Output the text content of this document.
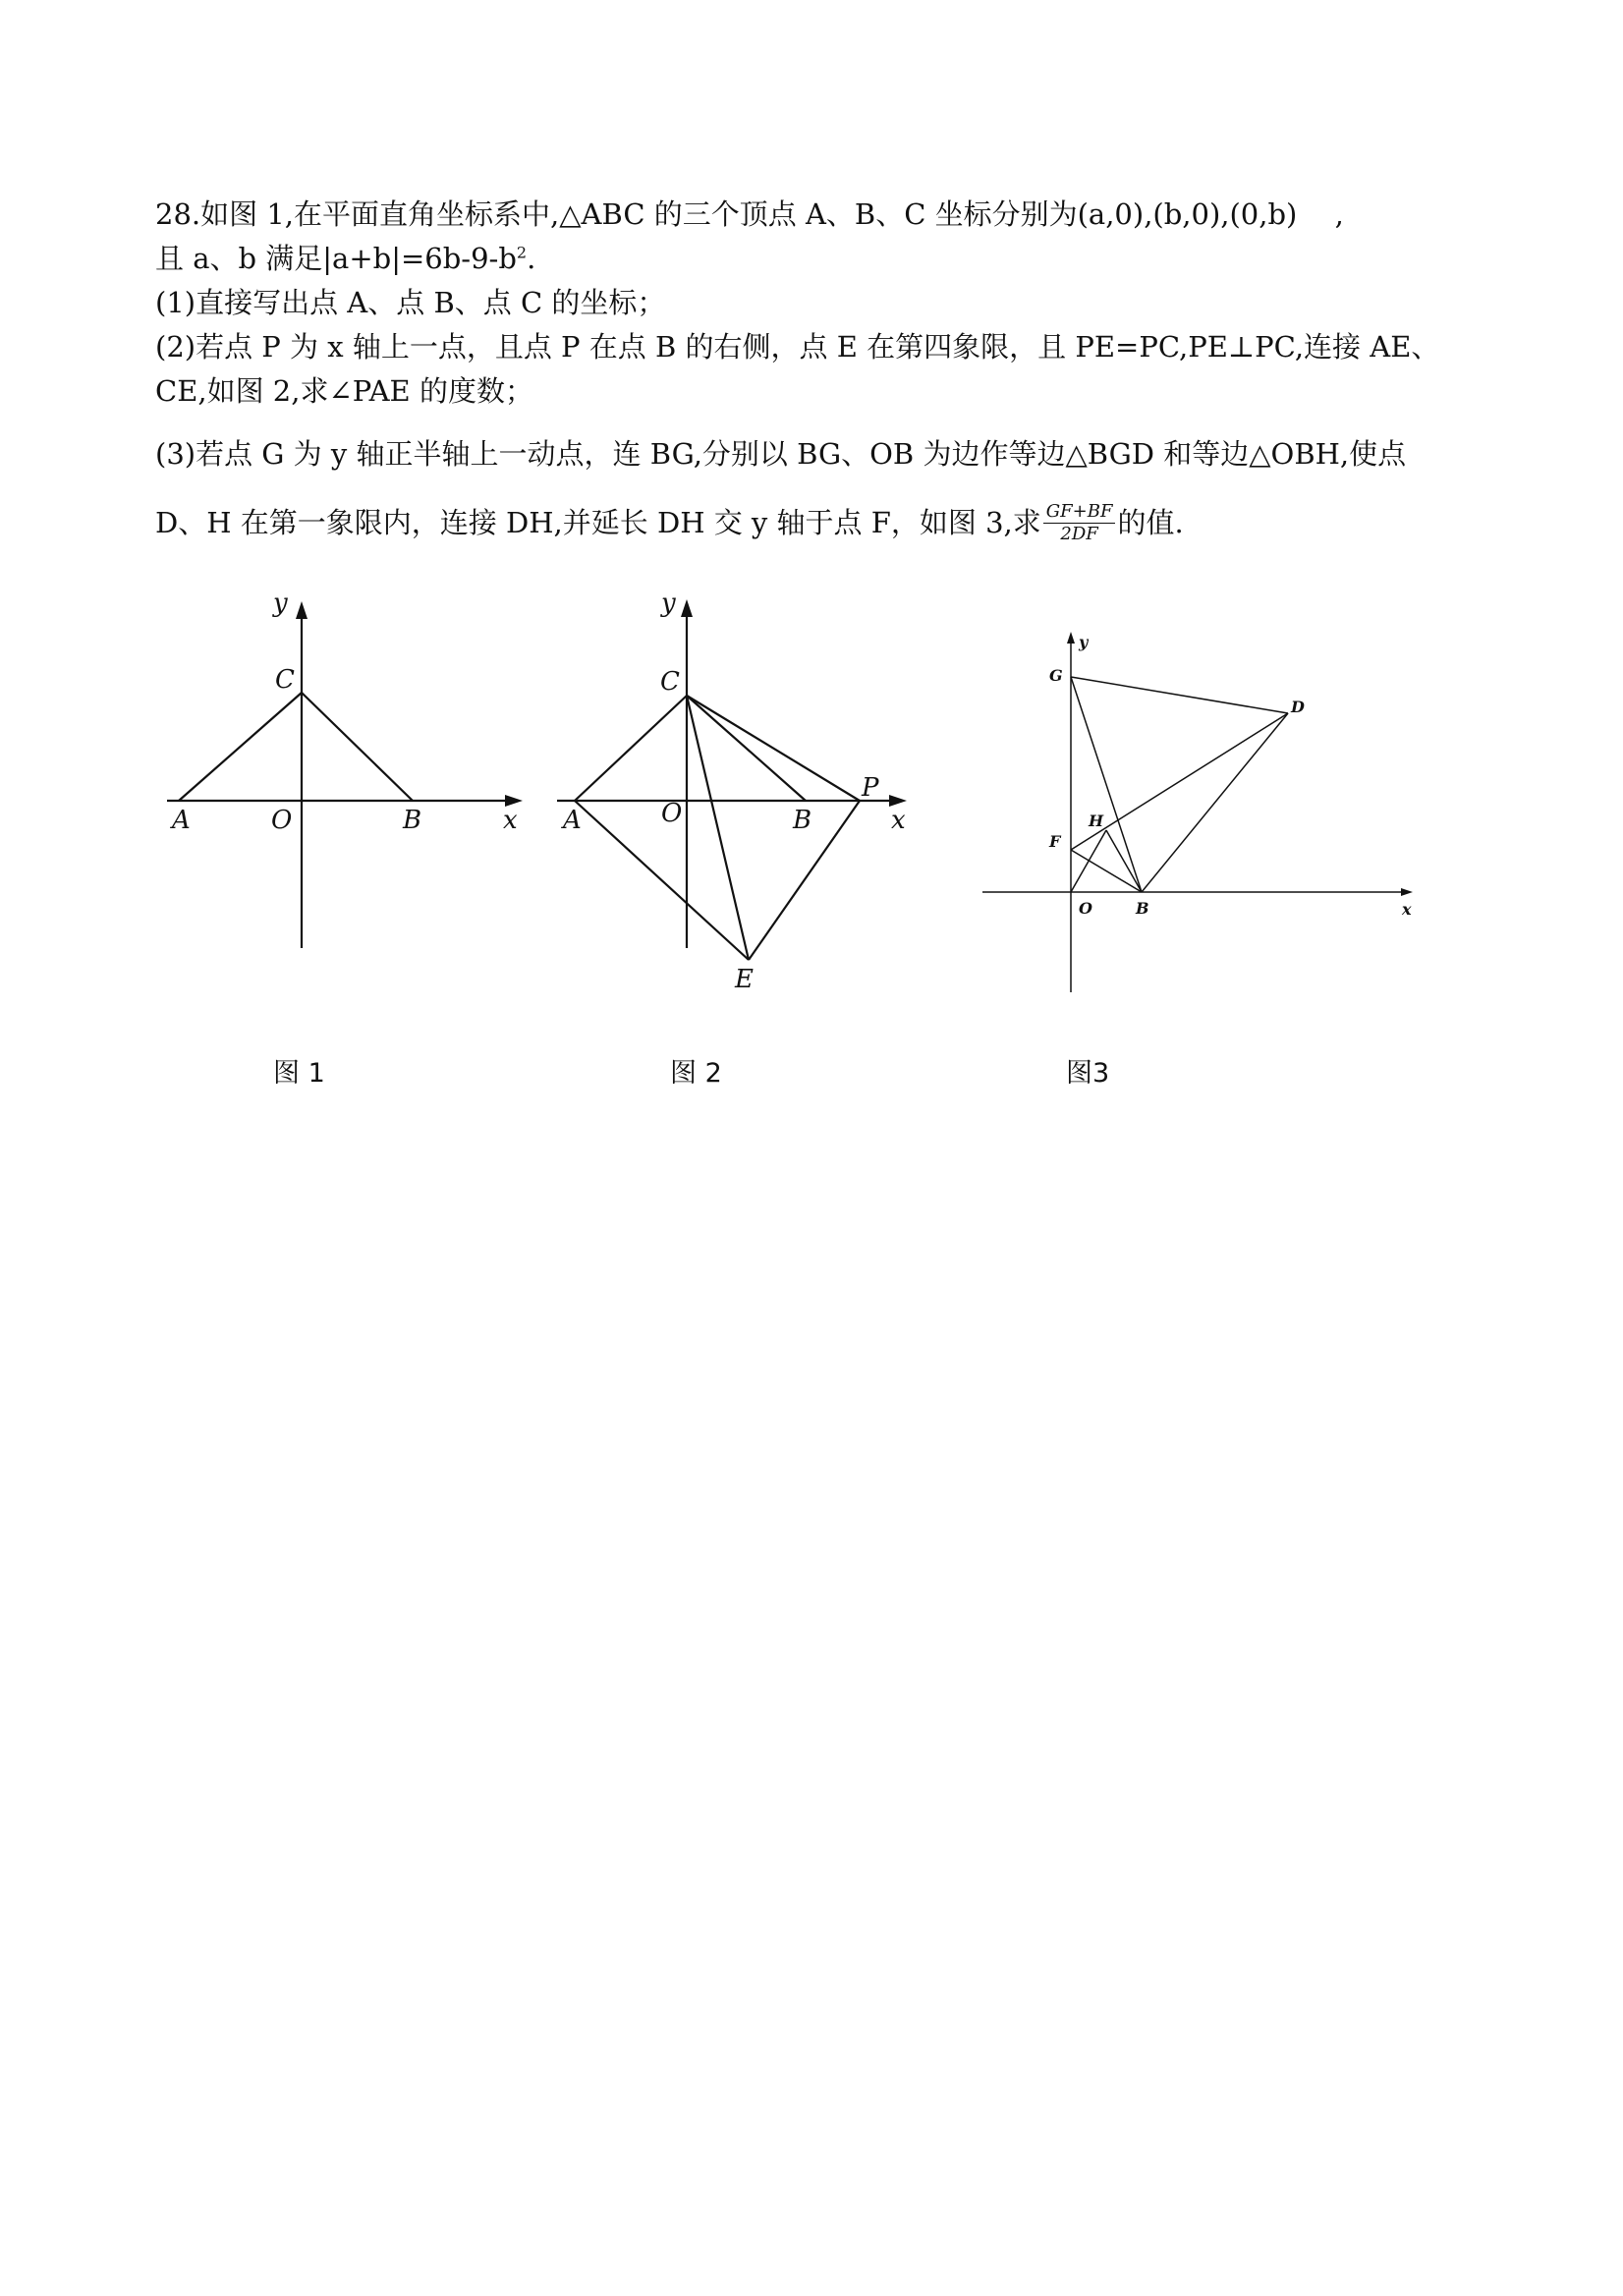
28.如图 1,在平面直角坐标系中,△ABC 的三个顶点 A、B、C 坐标分别为(a,0),(b,0),(0,b)　 ,
且 a、b 满足$|a+b|=6b-9-b^2$.
(1)直接写出点 A、点 B、点 C 的坐标；
(2)若点 P 为 x 轴上一点，且点 P 在点 B 的右侧，点 E 在第四象限，且 PE=PC,PE⊥PC,连接 AE、
CE,如图 2,求∠PAE 的度数；
(3)若点 G 为 y 轴正半轴上一动点，连 BG,分别以 BG、OB 为边作等边△BGD 和等边△OBH,使点
D、H 在第一象限内，连接 DH,并延长 DH 交 y 轴于点 F，如图 3,求 $\frac{GF+BF}{2DF}$ 的值.
y
C
A	O	B	x
y
C
A	O	B
P
x
E
y
G
D
H
F
O	B	x
图 1	图 2	图3
